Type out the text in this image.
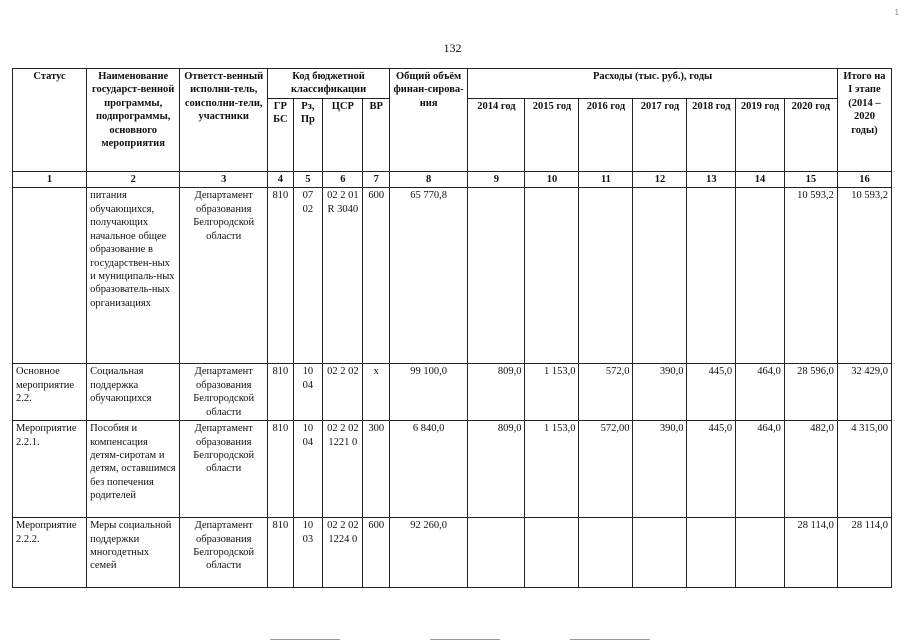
1
132
Статус	Наименование государст-венной программы, подпрограммы, основного мероприятия	Ответст-венный исполни-тель, соисполни-тели, участники	Код бюджетной классификации				Общий объём финан-сирова-ния	Расходы (тыс. руб.), годы							Итого на I этапе (2014 – 2020 годы)
			ГР БС	Рз, Пр	ЦСР	ВР		2014 год	2015 год	2016 год	2017 год	2018 год	2019 год	2020 год	
1	2	3	4	5	6	7	8	9	10	11	12	13	14	15	16
	питания обучающихся, получающих начальное общее образование в государствен-ных и муниципаль-ных образователь-ных организациях	Департамент образования Белгородской области	810	07 02	02 2 01 R 3040	600	65 770,8							10 593,2	10 593,2
Основное мероприятие 2.2.	Социальная поддержка обучающихся	Департамент образования Белгородской области	810	10 04	02 2 02	х	99 100,0	809,0	1 153,0	572,0	390,0	445,0	464,0	28 596,0	32 429,0
Мероприятие 2.2.1.	Пособия и компенсация детям-сиротам и детям, оставшимся без попечения родителей	Департамент образования Белгородской области	810	10 04	02 2 02 1221 0	300	6 840,0	809,0	1 153,0	572,00	390,0	445,0	464,0	482,0	4 315,00
Мероприятие 2.2.2.	Меры социальной поддержки многодетных семей	Департамент образования Белгородской области	810	10 03	02 2 02 1224 0	600	92 260,0							28 114,0	28 114,0
